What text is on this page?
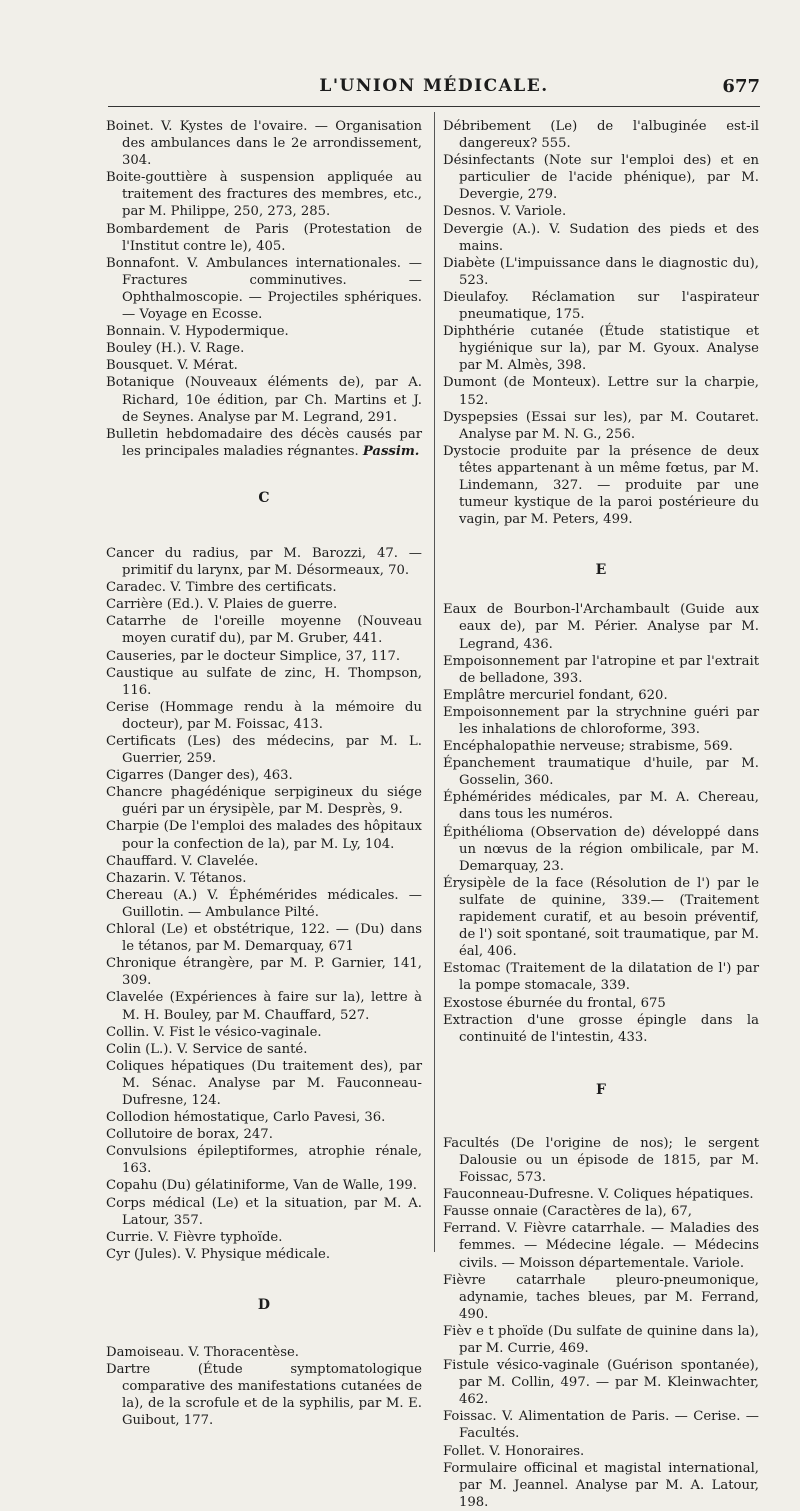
L'UNION MÉDICALE.	677

Boinet. V. Kystes de l'ovaire. — Organisation des ambulances dans le 2e arrondissement, 304.

Boite-gouttière à suspension appliquée au traitement des fractures des membres, etc., par M. Philippe, 250, 273, 285.

Bombardement de Paris (Protestation de l'Institut contre le), 405.

Bonnafont. V. Ambulances internationales. — Fractures comminutives. — Ophthalmoscopie. — Projectiles sphériques. — Voyage en Ecosse.

Bonnain. V. Hypodermique.

Bouley (H.). V. Rage.

Bousquet. V. Mérat.

Botanique (Nouveaux éléments de), par A. Richard, 10e édition, par Ch. Martins et J. de Seynes. Analyse par M. Legrand, 291.

Bulletin hebdomadaire des décès causés par les principales maladies régnantes. Passim.

C

Cancer du radius, par M. Barozzi, 47. — primitif du larynx, par M. Désormeaux, 70.

Caradec. V. Timbre des certificats.

Carrière (Ed.). V. Plaies de guerre.

Catarrhe de l'oreille moyenne (Nouveau moyen curatif du), par M. Gruber, 441.

Causeries, par le docteur Simplice, 37, 117.

Caustique au sulfate de zinc, H. Thompson, 116.

Cerise (Hommage rendu à la mémoire du docteur), par M. Foissac, 413.

Certificats (Les) des médecins, par M. L. Guerrier, 259.

Cigarres (Danger des), 463.

Chancre phagédénique serpigineux du siége guéri par un érysipèle, par M. Desprès, 9.

Charpie (De l'emploi des malades des hôpitaux pour la confection de la), par M. Ly, 104.

Chauffard. V. Clavelée.

Chazarin. V. Tétanos.

Chereau (A.) V. Éphémérides médicales. — Guillotin. — Ambulance Pilté.

Chloral (Le) et obstétrique, 122. — (Du) dans le tétanos, par M. Demarquay, 671

Chronique étrangère, par M. P. Garnier, 141, 309.

Clavelée (Expériences à faire sur la), lettre à M. H. Bouley, par M. Chauffard, 527.

Collin. V. Fist le vésico-vaginale.

Colin (L.). V. Service de santé.

Coliques hépatiques (Du traitement des), par M. Sénac. Analyse par M. Fauconneau-Dufresne, 124.

Collodion hémostatique, Carlo Pavesi, 36.

Collutoire de borax, 247.

Convulsions épileptiformes, atrophie rénale, 163.

Copahu (Du) gélatiniforme, Van de Walle, 199.

Corps médical (Le) et la situation, par M. A. Latour, 357.

Currie. V. Fièvre typhoïde.

Cyr (Jules). V. Physique médicale.

D

Damoiseau. V. Thoracentèse.

Dartre (Étude symptomatologique comparative des manifestations cutanées de la), de la scrofule et de la syphilis, par M. E. Guibout, 177.

Débribement (Le) de l'albuginée est-il dangereux? 555.

Désinfectants (Note sur l'emploi des) et en particulier de l'acide phénique), par M. Devergie, 279.

Desnos. V. Variole.

Devergie (A.). V. Sudation des pieds et des mains.

Diabète (L'impuissance dans le diagnostic du), 523.

Dieulafoy. Réclamation sur l'aspirateur pneumatique, 175.

Diphthérie cutanée (Étude statistique et hygiénique sur la), par M. Gyoux. Analyse par M. Almès, 398.

Dumont (de Monteux). Lettre sur la charpie, 152.

Dyspepsies (Essai sur les), par M. Coutaret. Analyse par M. N. G., 256.

Dystocie produite par la présence de deux têtes appartenant à un même fœtus, par M. Lindemann, 327. — produite par une tumeur kystique de la paroi postérieure du vagin, par M. Peters, 499.

E

Eaux de Bourbon-l'Archambault (Guide aux eaux de), par M. Périer. Analyse par M. Legrand, 436.

Empoisonnement par l'atropine et par l'extrait de belladone, 393.

Emplâtre mercuriel fondant, 620.

Empoisonnement par la strychnine guéri par les inhalations de chloroforme, 393.

Encéphalopathie nerveuse; strabisme, 569.

Épanchement traumatique d'huile, par M. Gosselin, 360.

Éphémérides médicales, par M. A. Chereau, dans tous les numéros.

Épithélioma (Observation de) développé dans un nœvus de la région ombilicale, par M. Demarquay, 23.

Érysipèle de la face (Résolution de l') par le sulfate de quinine, 339.— (Traitement rapidement curatif, et au besoin préventif, de l') soit spontané, soit traumatique, par M. éal, 406.

Estomac (Traitement de la dilatation de l') par la pompe stomacale, 339.

Exostose éburnée du frontal, 675

Extraction d'une grosse épingle dans la continuité de l'intestin, 433.

F

Facultés (De l'origine de nos); le sergent Dalousie ou un épisode de 1815, par M. Foissac, 573.

Fauconneau-Dufresne. V. Coliques hépatiques.

Fausse onnaie (Caractères de la), 67,

Ferrand. V. Fièvre catarrhale. — Maladies des femmes. — Médecine légale. — Médecins civils. — Moisson départementale. Variole.

Fièvre catarrhale pleuro-pneumonique, adynamie, taches bleues, par M. Ferrand, 490.

Fièv e t phoïde (Du sulfate de quinine dans la), par M. Currie, 469.

Fistule vésico-vaginale (Guérison spontanée), par M. Collin, 497. — par M. Kleinwachter, 462.

Foissac. V. Alimentation de Paris. — Cerise. — Facultés.

Follet. V. Honoraires.

Formulaire officinal et magistal international, par M. Jeannel. Analyse par M. A. Latour, 198.
